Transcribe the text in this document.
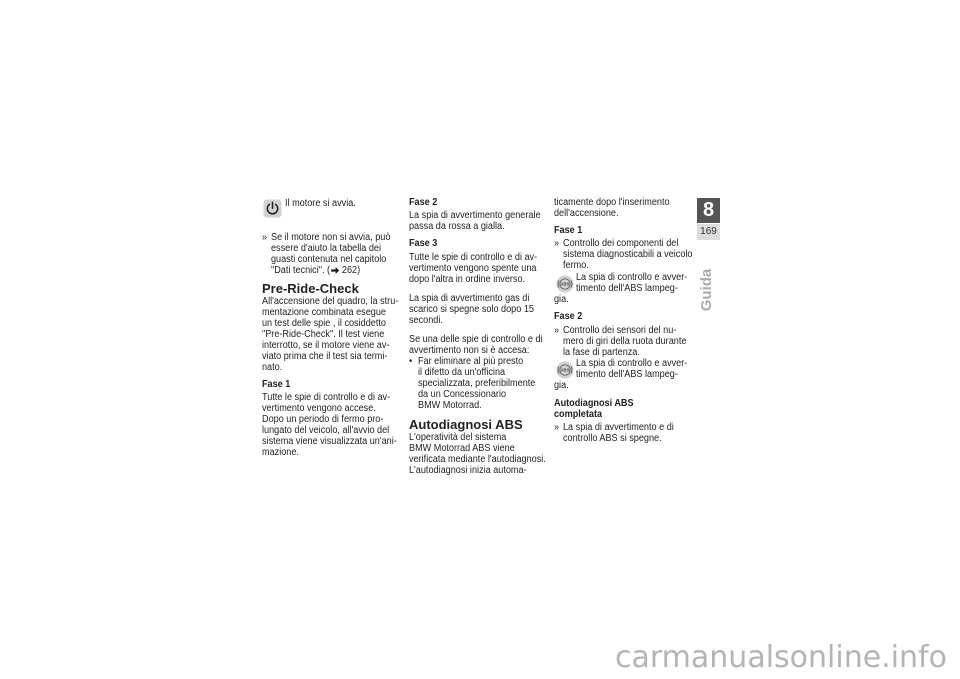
Il motore si avvia.
» Se il motore non si avvia, può
essere d'aiuto la tabella dei
guasti contenuta nel capitolo
"Dati tecnici". ( 262)
Pre-Ride-Check
All'accensione del quadro, la stru-
mentazione combinata esegue
un test delle spie , il cosiddetto
"Pre-Ride-Check". Il test viene
interrotto, se il motore viene av-
viato prima che il test sia termi-
nato.
Fase 1
Tutte le spie di controllo e di av-
vertimento vengono accese.
Dopo un periodo di fermo pro-
lungato del veicolo, all'avvio del
sistema viene visualizzata un'ani-
mazione.
Fase 2
La spia di avvertimento generale
passa da rossa a gialla.
Fase 3
Tutte le spie di controllo e di av-
vertimento vengono spente una
dopo l'altra in ordine inverso.
La spia di avvertimento gas di
scarico si spegne solo dopo 15
secondi.
Se una delle spie di controllo e di
avvertimento non si è accesa:
• Far eliminare al più presto
il difetto da un'officina
specializzata, preferibilmente
da un Concessionario
BMW Motorrad.
Autodiagnosi ABS
L'operatività del sistema
BMW Motorrad ABS viene
verificata mediante l'autodiagnosi.
L'autodiagnosi inizia automa-
ticamente dopo l'inserimento
dell'accensione.
Fase 1
» Controllo dei componenti del
sistema diagnosticabili a veicolo
fermo.
ABS
La spia di controllo e avver-
timento dell'ABS lampeg-
gia.
Fase 2
» Controllo dei sensori del nu-
mero di giri della ruota durante
la fase di partenza.
ABS
La spia di controllo e avver-
timento dell'ABS lampeg-
gia.
Autodiagnosi ABS
completata
» La spia di avvertimento e di
controllo ABS si spegne.
8
169
Guida
carmanualsonline.info
